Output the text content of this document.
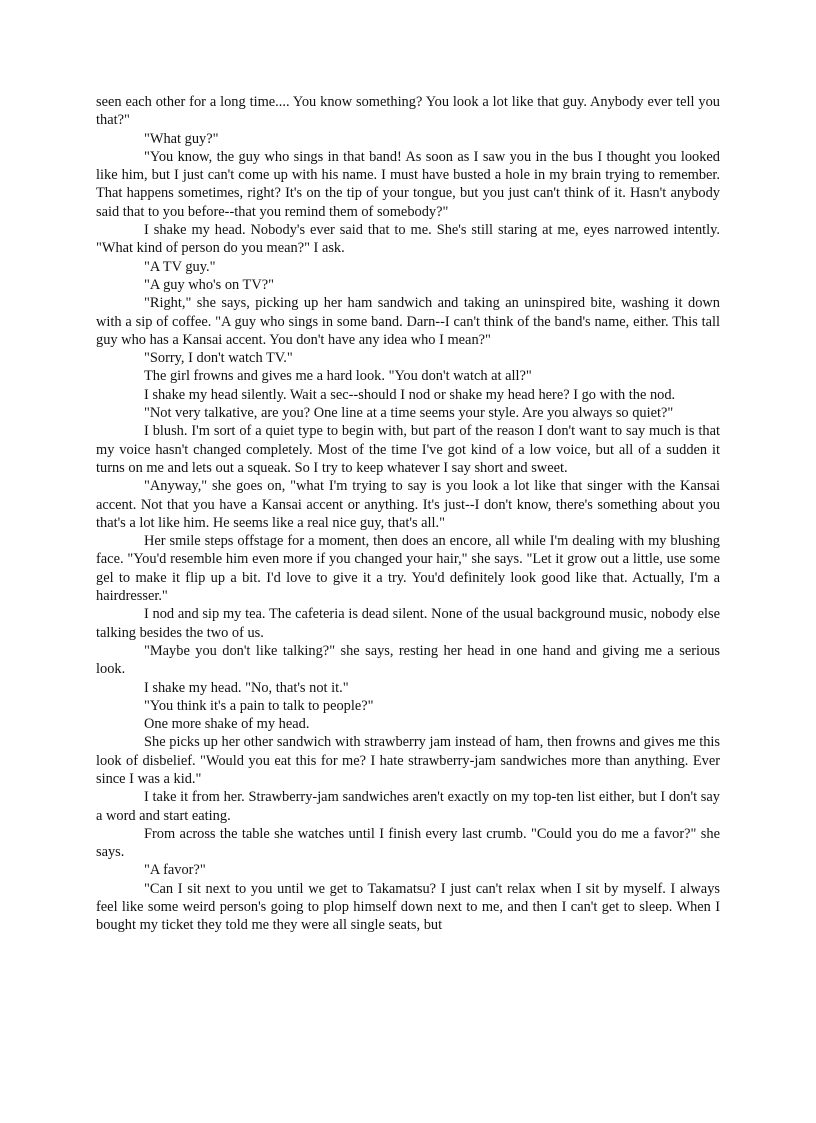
seen each other for a long time.... You know something? You look a lot like that guy. Anybody ever tell you that?"

"What guy?"

"You know, the guy who sings in that band! As soon as I saw you in the bus I thought you looked like him, but I just can't come up with his name. I must have busted a hole in my brain trying to remember. That happens sometimes, right? It's on the tip of your tongue, but you just can't think of it. Hasn't anybody said that to you before--that you remind them of somebody?"

I shake my head. Nobody's ever said that to me. She's still staring at me, eyes narrowed intently. "What kind of person do you mean?" I ask.

"A TV guy."

"A guy who's on TV?"

"Right," she says, picking up her ham sandwich and taking an uninspired bite, washing it down with a sip of coffee. "A guy who sings in some band. Darn--I can't think of the band's name, either. This tall guy who has a Kansai accent. You don't have any idea who I mean?"

"Sorry, I don't watch TV."

The girl frowns and gives me a hard look. "You don't watch at all?"

I shake my head silently. Wait a sec--should I nod or shake my head here? I go with the nod.

"Not very talkative, are you? One line at a time seems your style. Are you always so quiet?"

I blush. I'm sort of a quiet type to begin with, but part of the reason I don't want to say much is that my voice hasn't changed completely. Most of the time I've got kind of a low voice, but all of a sudden it turns on me and lets out a squeak. So I try to keep whatever I say short and sweet.

"Anyway," she goes on, "what I'm trying to say is you look a lot like that singer with the Kansai accent. Not that you have a Kansai accent or anything. It's just--I don't know, there's something about you that's a lot like him. He seems like a real nice guy, that's all."

Her smile steps offstage for a moment, then does an encore, all while I'm dealing with my blushing face. "You'd resemble him even more if you changed your hair," she says. "Let it grow out a little, use some gel to make it flip up a bit. I'd love to give it a try. You'd definitely look good like that. Actually, I'm a hairdresser."

I nod and sip my tea. The cafeteria is dead silent. None of the usual background music, nobody else talking besides the two of us.

"Maybe you don't like talking?" she says, resting her head in one hand and giving me a serious look.

I shake my head. "No, that's not it."

"You think it's a pain to talk to people?"

One more shake of my head.

She picks up her other sandwich with strawberry jam instead of ham, then frowns and gives me this look of disbelief. "Would you eat this for me? I hate strawberry-jam sandwiches more than anything. Ever since I was a kid."

I take it from her. Strawberry-jam sandwiches aren't exactly on my top-ten list either, but I don't say a word and start eating.

From across the table she watches until I finish every last crumb. "Could you do me a favor?" she says.

"A favor?"

"Can I sit next to you until we get to Takamatsu? I just can't relax when I sit by myself. I always feel like some weird person's going to plop himself down next to me, and then I can't get to sleep. When I bought my ticket they told me they were all single seats, but
